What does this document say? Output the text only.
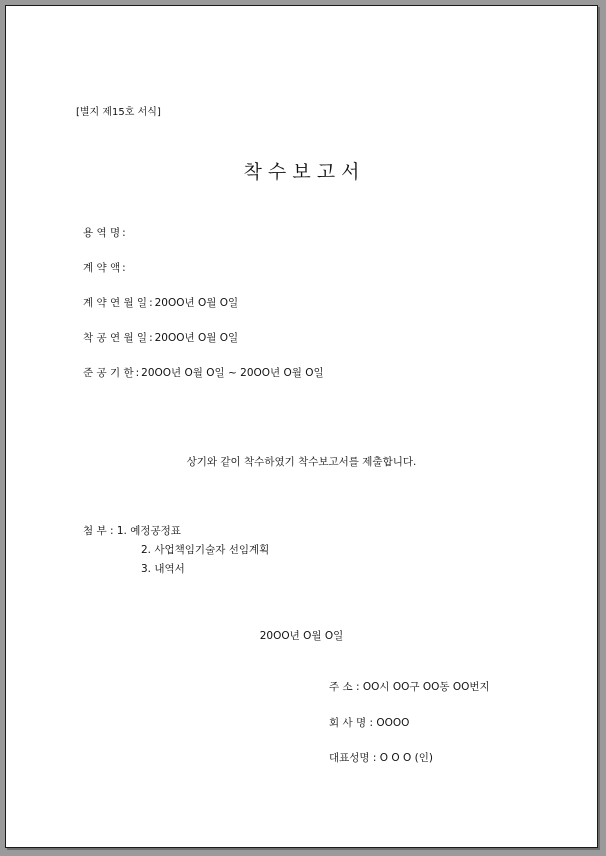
[별지 제15호 서식]
착 수 보 고 서
용 역 명 :
계 약 액 :
계 약 연 월 일 : 20OO년 O월 O일
착 공 연 월 일 : 20OO년 O월 O일
준 공 기 한 : 20OO년 O월 O일 ~ 20OO년 O월 O일
상기와 같이 착수하였기 착수보고서를 제출합니다.
첨 부 : 1. 예정공정표
2. 사업책임기술자 선임계획
3. 내역서
20OO년 O월 O일
주 소 : OO시 OO구 OO동 OO번지
회 사 명 : OOOO
대표성명 : O O O (인)
